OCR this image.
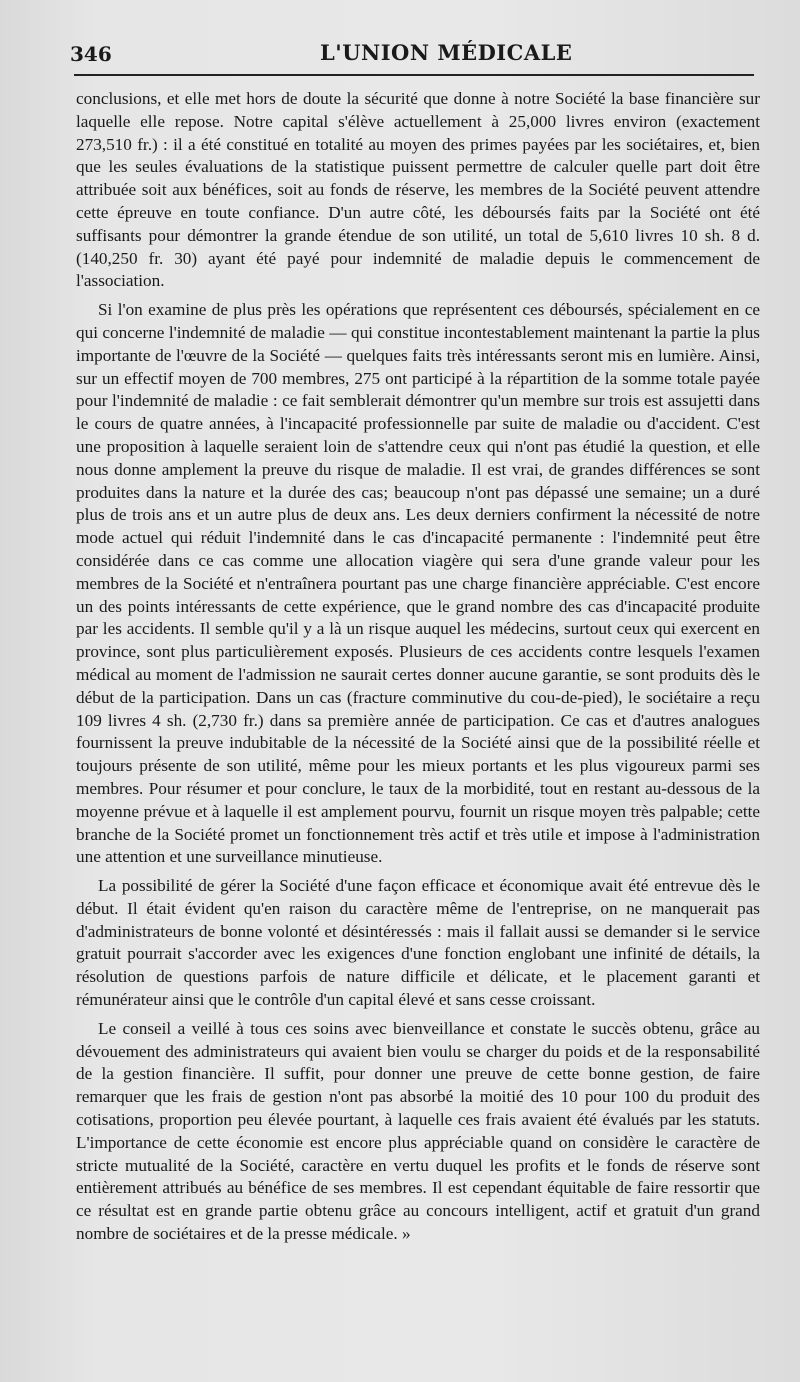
346	L'UNION MÉDICALE

conclusions, et elle met hors de doute la sécurité que donne à notre Société la base financière sur laquelle elle repose. Notre capital s'élève actuellement à 25,000 livres environ (exactement 273,510 fr.) : il a été constitué en totalité au moyen des primes payées par les sociétaires, et, bien que les seules évaluations de la statistique puissent permettre de calculer quelle part doit être attribuée soit aux bénéfices, soit au fonds de réserve, les membres de la Société peuvent attendre cette épreuve en toute confiance. D'un autre côté, les déboursés faits par la Société ont été suffisants pour démontrer la grande étendue de son utilité, un total de 5,610 livres 10 sh. 8 d. (140,250 fr. 30) ayant été payé pour indemnité de maladie depuis le commencement de l'association.

Si l'on examine de plus près les opérations que représentent ces déboursés, spécialement en ce qui concerne l'indemnité de maladie — qui constitue incontestablement maintenant la partie la plus importante de l'œuvre de la Société — quelques faits très intéressants seront mis en lumière. Ainsi, sur un effectif moyen de 700 membres, 275 ont participé à la répartition de la somme totale payée pour l'indemnité de maladie : ce fait semblerait démontrer qu'un membre sur trois est assujetti dans le cours de quatre années, à l'incapacité professionnelle par suite de maladie ou d'accident. C'est une proposition à laquelle seraient loin de s'attendre ceux qui n'ont pas étudié la question, et elle nous donne amplement la preuve du risque de maladie. Il est vrai, de grandes différences se sont produites dans la nature et la durée des cas; beaucoup n'ont pas dépassé une semaine; un a duré plus de trois ans et un autre plus de deux ans. Les deux derniers confirment la nécessité de notre mode actuel qui réduit l'indemnité dans le cas d'incapacité permanente : l'indemnité peut être considérée dans ce cas comme une allocation viagère qui sera d'une grande valeur pour les membres de la Société et n'entraînera pourtant pas une charge financière appréciable. C'est encore un des points intéressants de cette expérience, que le grand nombre des cas d'incapacité produite par les accidents. Il semble qu'il y a là un risque auquel les médecins, surtout ceux qui exercent en province, sont plus particulièrement exposés. Plusieurs de ces accidents contre lesquels l'examen médical au moment de l'admission ne saurait certes donner aucune garantie, se sont produits dès le début de la participation. Dans un cas (fracture comminutive du cou-de-pied), le sociétaire a reçu 109 livres 4 sh. (2,730 fr.) dans sa première année de participation. Ce cas et d'autres analogues fournissent la preuve indubitable de la nécessité de la Société ainsi que de la possibilité réelle et toujours présente de son utilité, même pour les mieux portants et les plus vigoureux parmi ses membres. Pour résumer et pour conclure, le taux de la morbidité, tout en restant au-dessous de la moyenne prévue et à laquelle il est amplement pourvu, fournit un risque moyen très palpable; cette branche de la Société promet un fonctionnement très actif et très utile et impose à l'administration une attention et une surveillance minutieuse.

La possibilité de gérer la Société d'une façon efficace et économique avait été entrevue dès le début. Il était évident qu'en raison du caractère même de l'entreprise, on ne manquerait pas d'administrateurs de bonne volonté et désintéressés : mais il fallait aussi se demander si le service gratuit pourrait s'accorder avec les exigences d'une fonction englobant une infinité de détails, la résolution de questions parfois de nature difficile et délicate, et le placement garanti et rémunérateur ainsi que le contrôle d'un capital élevé et sans cesse croissant.

Le conseil a veillé à tous ces soins avec bienveillance et constate le succès obtenu, grâce au dévouement des administrateurs qui avaient bien voulu se charger du poids et de la responsabilité de la gestion financière. Il suffit, pour donner une preuve de cette bonne gestion, de faire remarquer que les frais de gestion n'ont pas absorbé la moitié des 10 pour 100 du produit des cotisations, proportion peu élevée pourtant, à laquelle ces frais avaient été évalués par les statuts. L'importance de cette économie est encore plus appréciable quand on considère le caractère de stricte mutualité de la Société, caractère en vertu duquel les profits et le fonds de réserve sont entièrement attribués au bénéfice de ses membres. Il est cependant équitable de faire ressortir que ce résultat est en grande partie obtenu grâce au concours intelligent, actif et gratuit d'un grand nombre de sociétaires et de la presse médicale. »
